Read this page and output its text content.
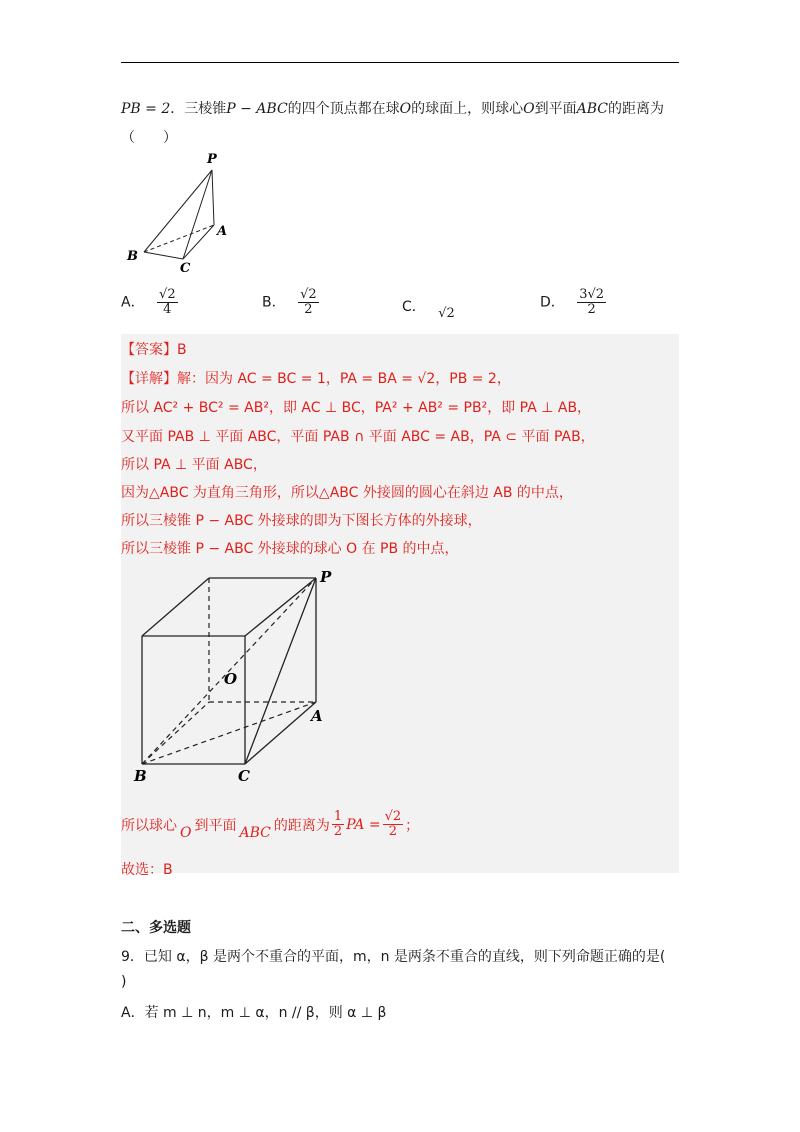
PB = 2．三棱锥P − ABC的四个顶点都在球O的球面上，则球心O到平面ABC的距离为
（　　）
P
A
B
C
A． $\frac{√2}{4}$	B． $\frac{√2}{2}$	C． √2
D． $\frac{3√2}{2}$
【答案】B
【详解】解：因为 AC = BC = 1，PA = BA = √2，PB = 2，
所以 AC² + BC² = AB²，即 AC ⊥ BC，PA² + AB² = PB²，即 PA ⊥ AB，
又平面 PAB ⊥ 平面 ABC，平面 PAB ∩ 平面 ABC = AB，PA ⊂ 平面 PAB，
所以 PA ⊥ 平面 ABC，
因为△ABC 为直角三角形，所以△ABC 外接圆的圆心在斜边 AB 的中点，
所以三棱锥 P − ABC 外接球的即为下图长方体的外接球，
所以三棱锥 P − ABC 外接球的球心 O 在 PB 的中点，
P
O
A
B	C
所以球心 O 到平面 ABC 的距离为 $\frac{1}{2}$ PA = $\frac{√2}{2}$ ；
故选：B
二、多选题
9．已知 α，β 是两个不重合的平面，m，n 是两条不重合的直线，则下列命题正确的是(
)
A．若 m ⊥ n，m ⊥ α，n // β，则 α ⊥ β
